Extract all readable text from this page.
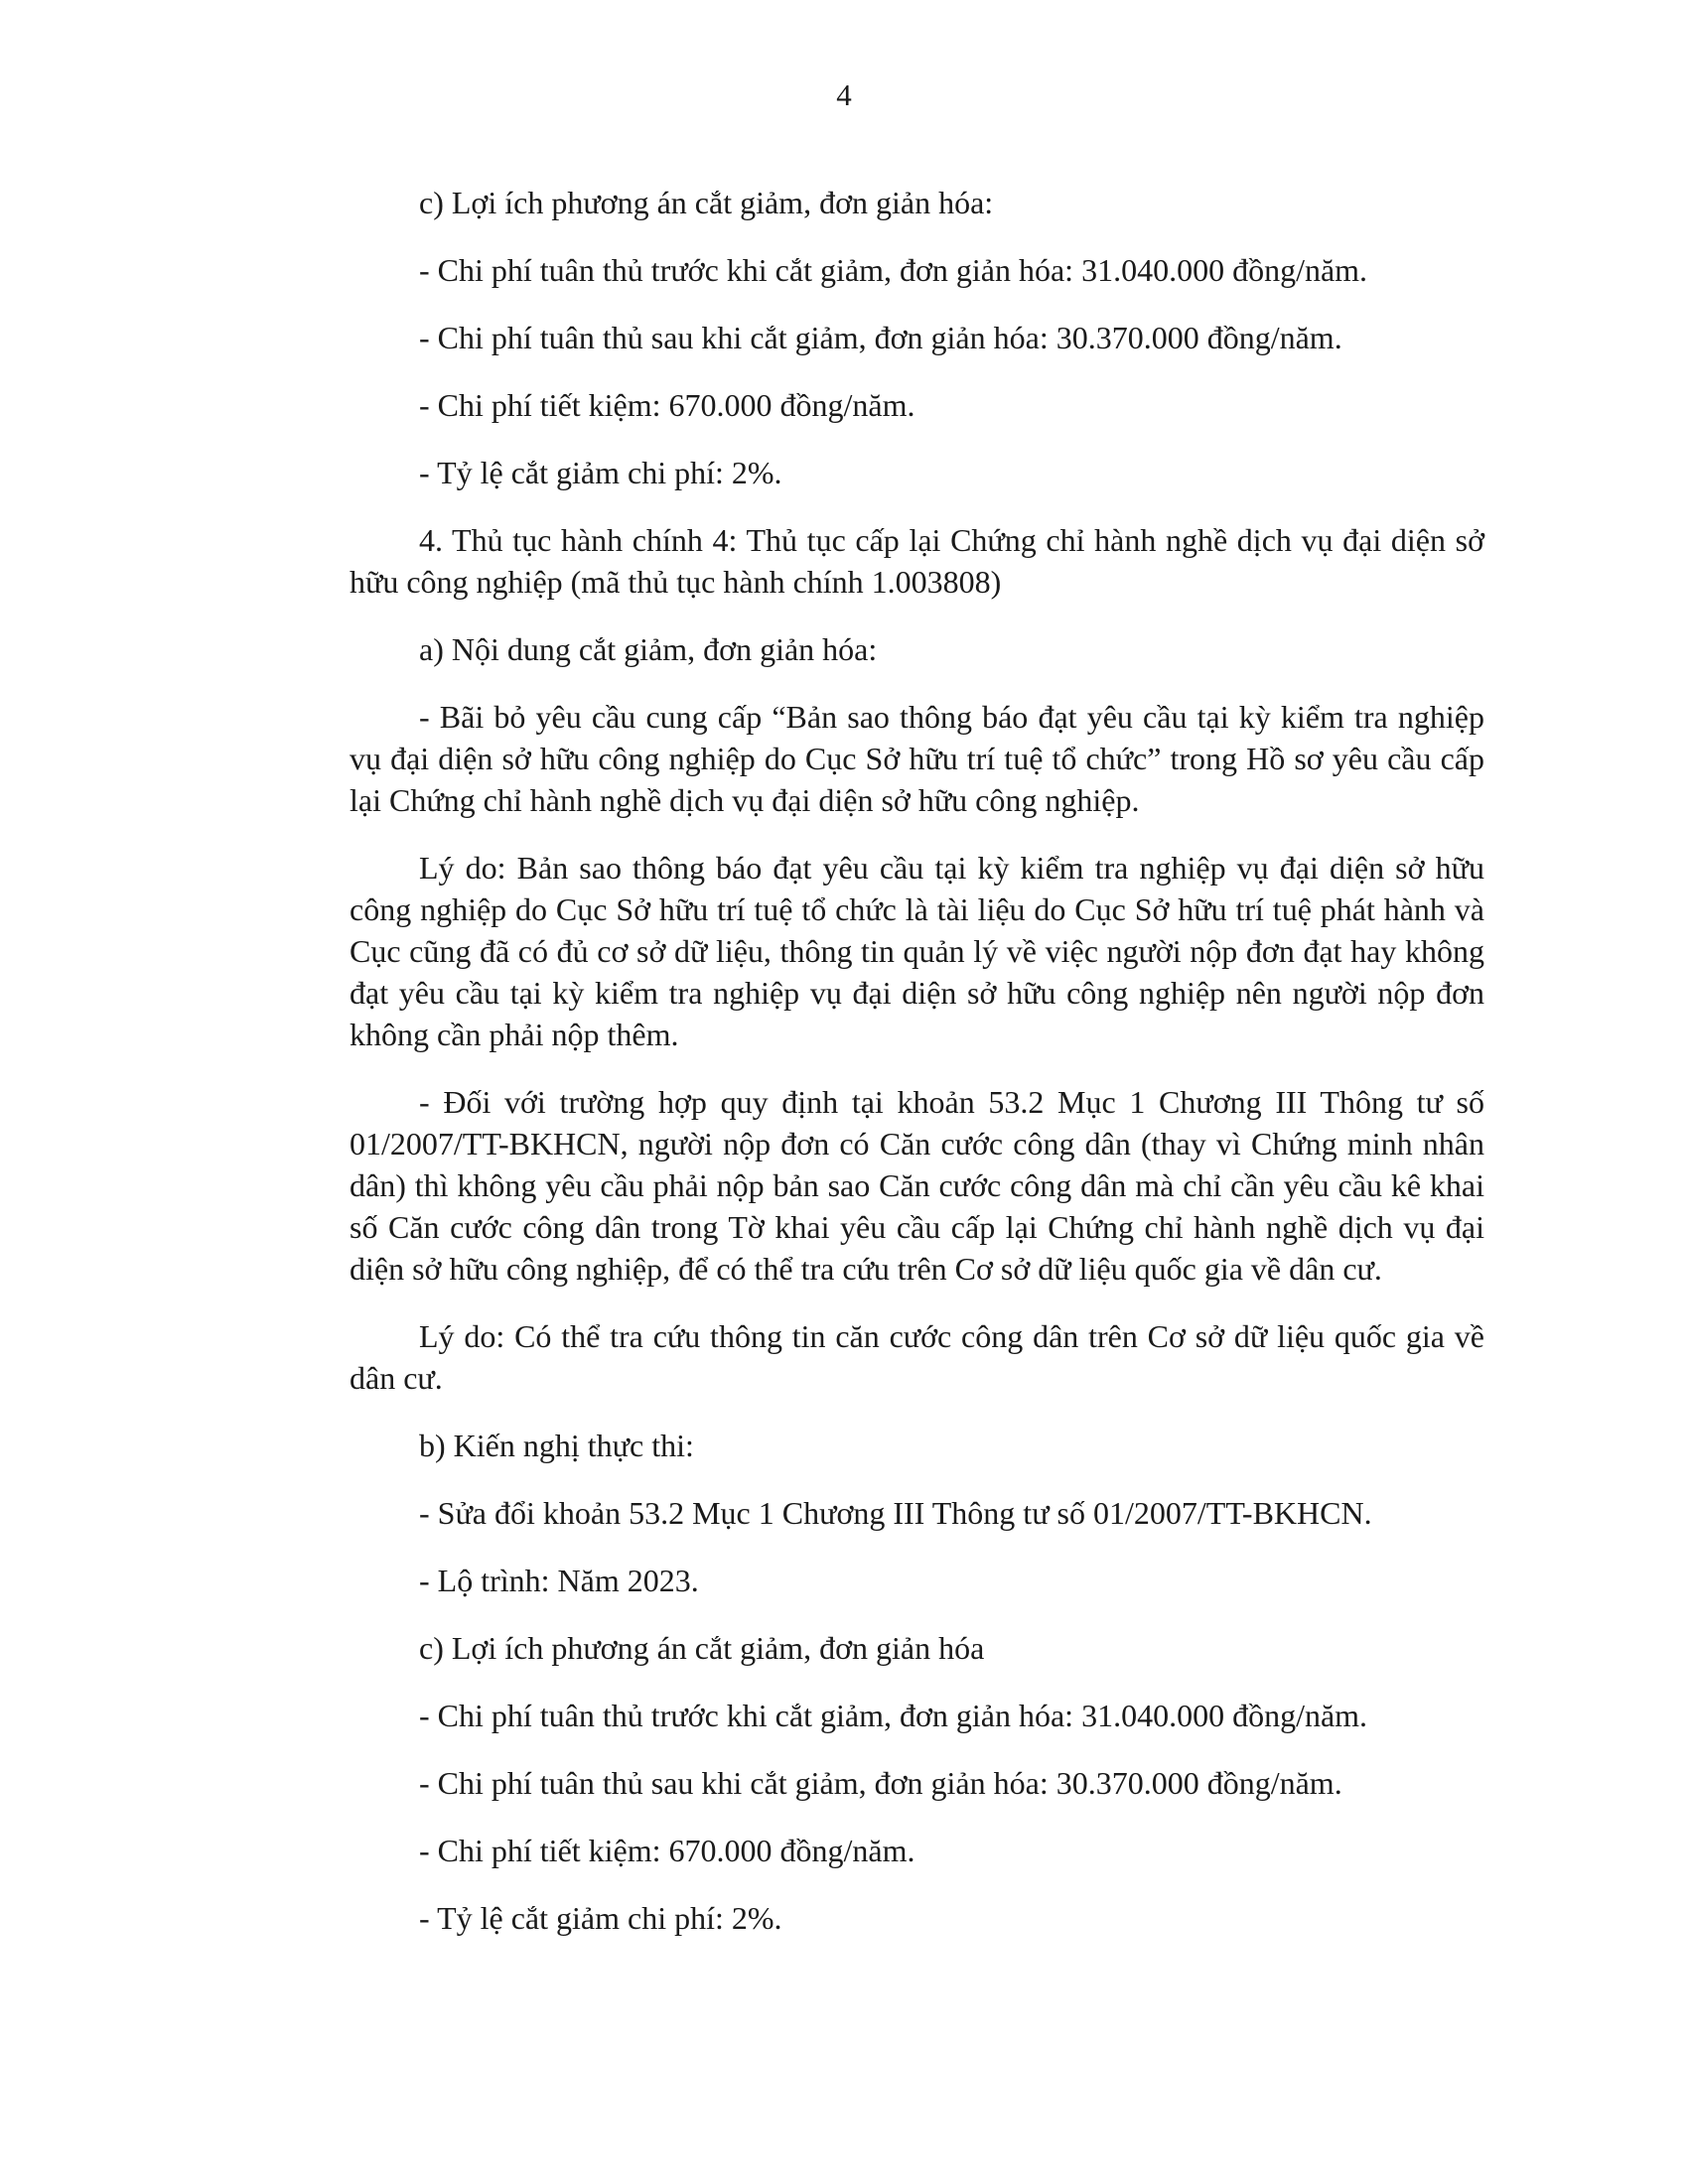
4

c) Lợi ích phương án cắt giảm, đơn giản hóa:

- Chi phí tuân thủ trước khi cắt giảm, đơn giản hóa: 31.040.000 đồng/năm.

- Chi phí tuân thủ sau khi cắt giảm, đơn giản hóa: 30.370.000 đồng/năm.

- Chi phí tiết kiệm: 670.000 đồng/năm.

- Tỷ lệ cắt giảm chi phí: 2%.

4. Thủ tục hành chính 4: Thủ tục cấp lại Chứng chỉ hành nghề dịch vụ đại diện sở hữu công nghiệp (mã thủ tục hành chính 1.003808)

a) Nội dung cắt giảm, đơn giản hóa:

- Bãi bỏ yêu cầu cung cấp “Bản sao thông báo đạt yêu cầu tại kỳ kiểm tra nghiệp vụ đại diện sở hữu công nghiệp do Cục Sở hữu trí tuệ tổ chức” trong Hồ sơ yêu cầu cấp lại Chứng chỉ hành nghề dịch vụ đại diện sở hữu công nghiệp.

Lý do: Bản sao thông báo đạt yêu cầu tại kỳ kiểm tra nghiệp vụ đại diện sở hữu công nghiệp do Cục Sở hữu trí tuệ tổ chức là tài liệu do Cục Sở hữu trí tuệ phát hành và Cục cũng đã có đủ cơ sở dữ liệu, thông tin quản lý về việc người nộp đơn đạt hay không đạt yêu cầu tại kỳ kiểm tra nghiệp vụ đại diện sở hữu công nghiệp nên người nộp đơn không cần phải nộp thêm.

- Đối với trường hợp quy định tại khoản 53.2 Mục 1 Chương III Thông tư số 01/2007/TT-BKHCN, người nộp đơn có Căn cước công dân (thay vì Chứng minh nhân dân) thì không yêu cầu phải nộp bản sao Căn cước công dân mà chỉ cần yêu cầu kê khai số Căn cước công dân trong Tờ khai yêu cầu cấp lại Chứng chỉ hành nghề dịch vụ đại diện sở hữu công nghiệp, để có thể tra cứu trên Cơ sở dữ liệu quốc gia về dân cư.

Lý do: Có thể tra cứu thông tin căn cước công dân trên Cơ sở dữ liệu quốc gia về dân cư.

b) Kiến nghị thực thi:

- Sửa đổi khoản 53.2 Mục 1 Chương III Thông tư số 01/2007/TT-BKHCN.

- Lộ trình: Năm 2023.

c) Lợi ích phương án cắt giảm, đơn giản hóa

- Chi phí tuân thủ trước khi cắt giảm, đơn giản hóa: 31.040.000 đồng/năm.

- Chi phí tuân thủ sau khi cắt giảm, đơn giản hóa: 30.370.000 đồng/năm.

- Chi phí tiết kiệm: 670.000 đồng/năm.

- Tỷ lệ cắt giảm chi phí: 2%.
